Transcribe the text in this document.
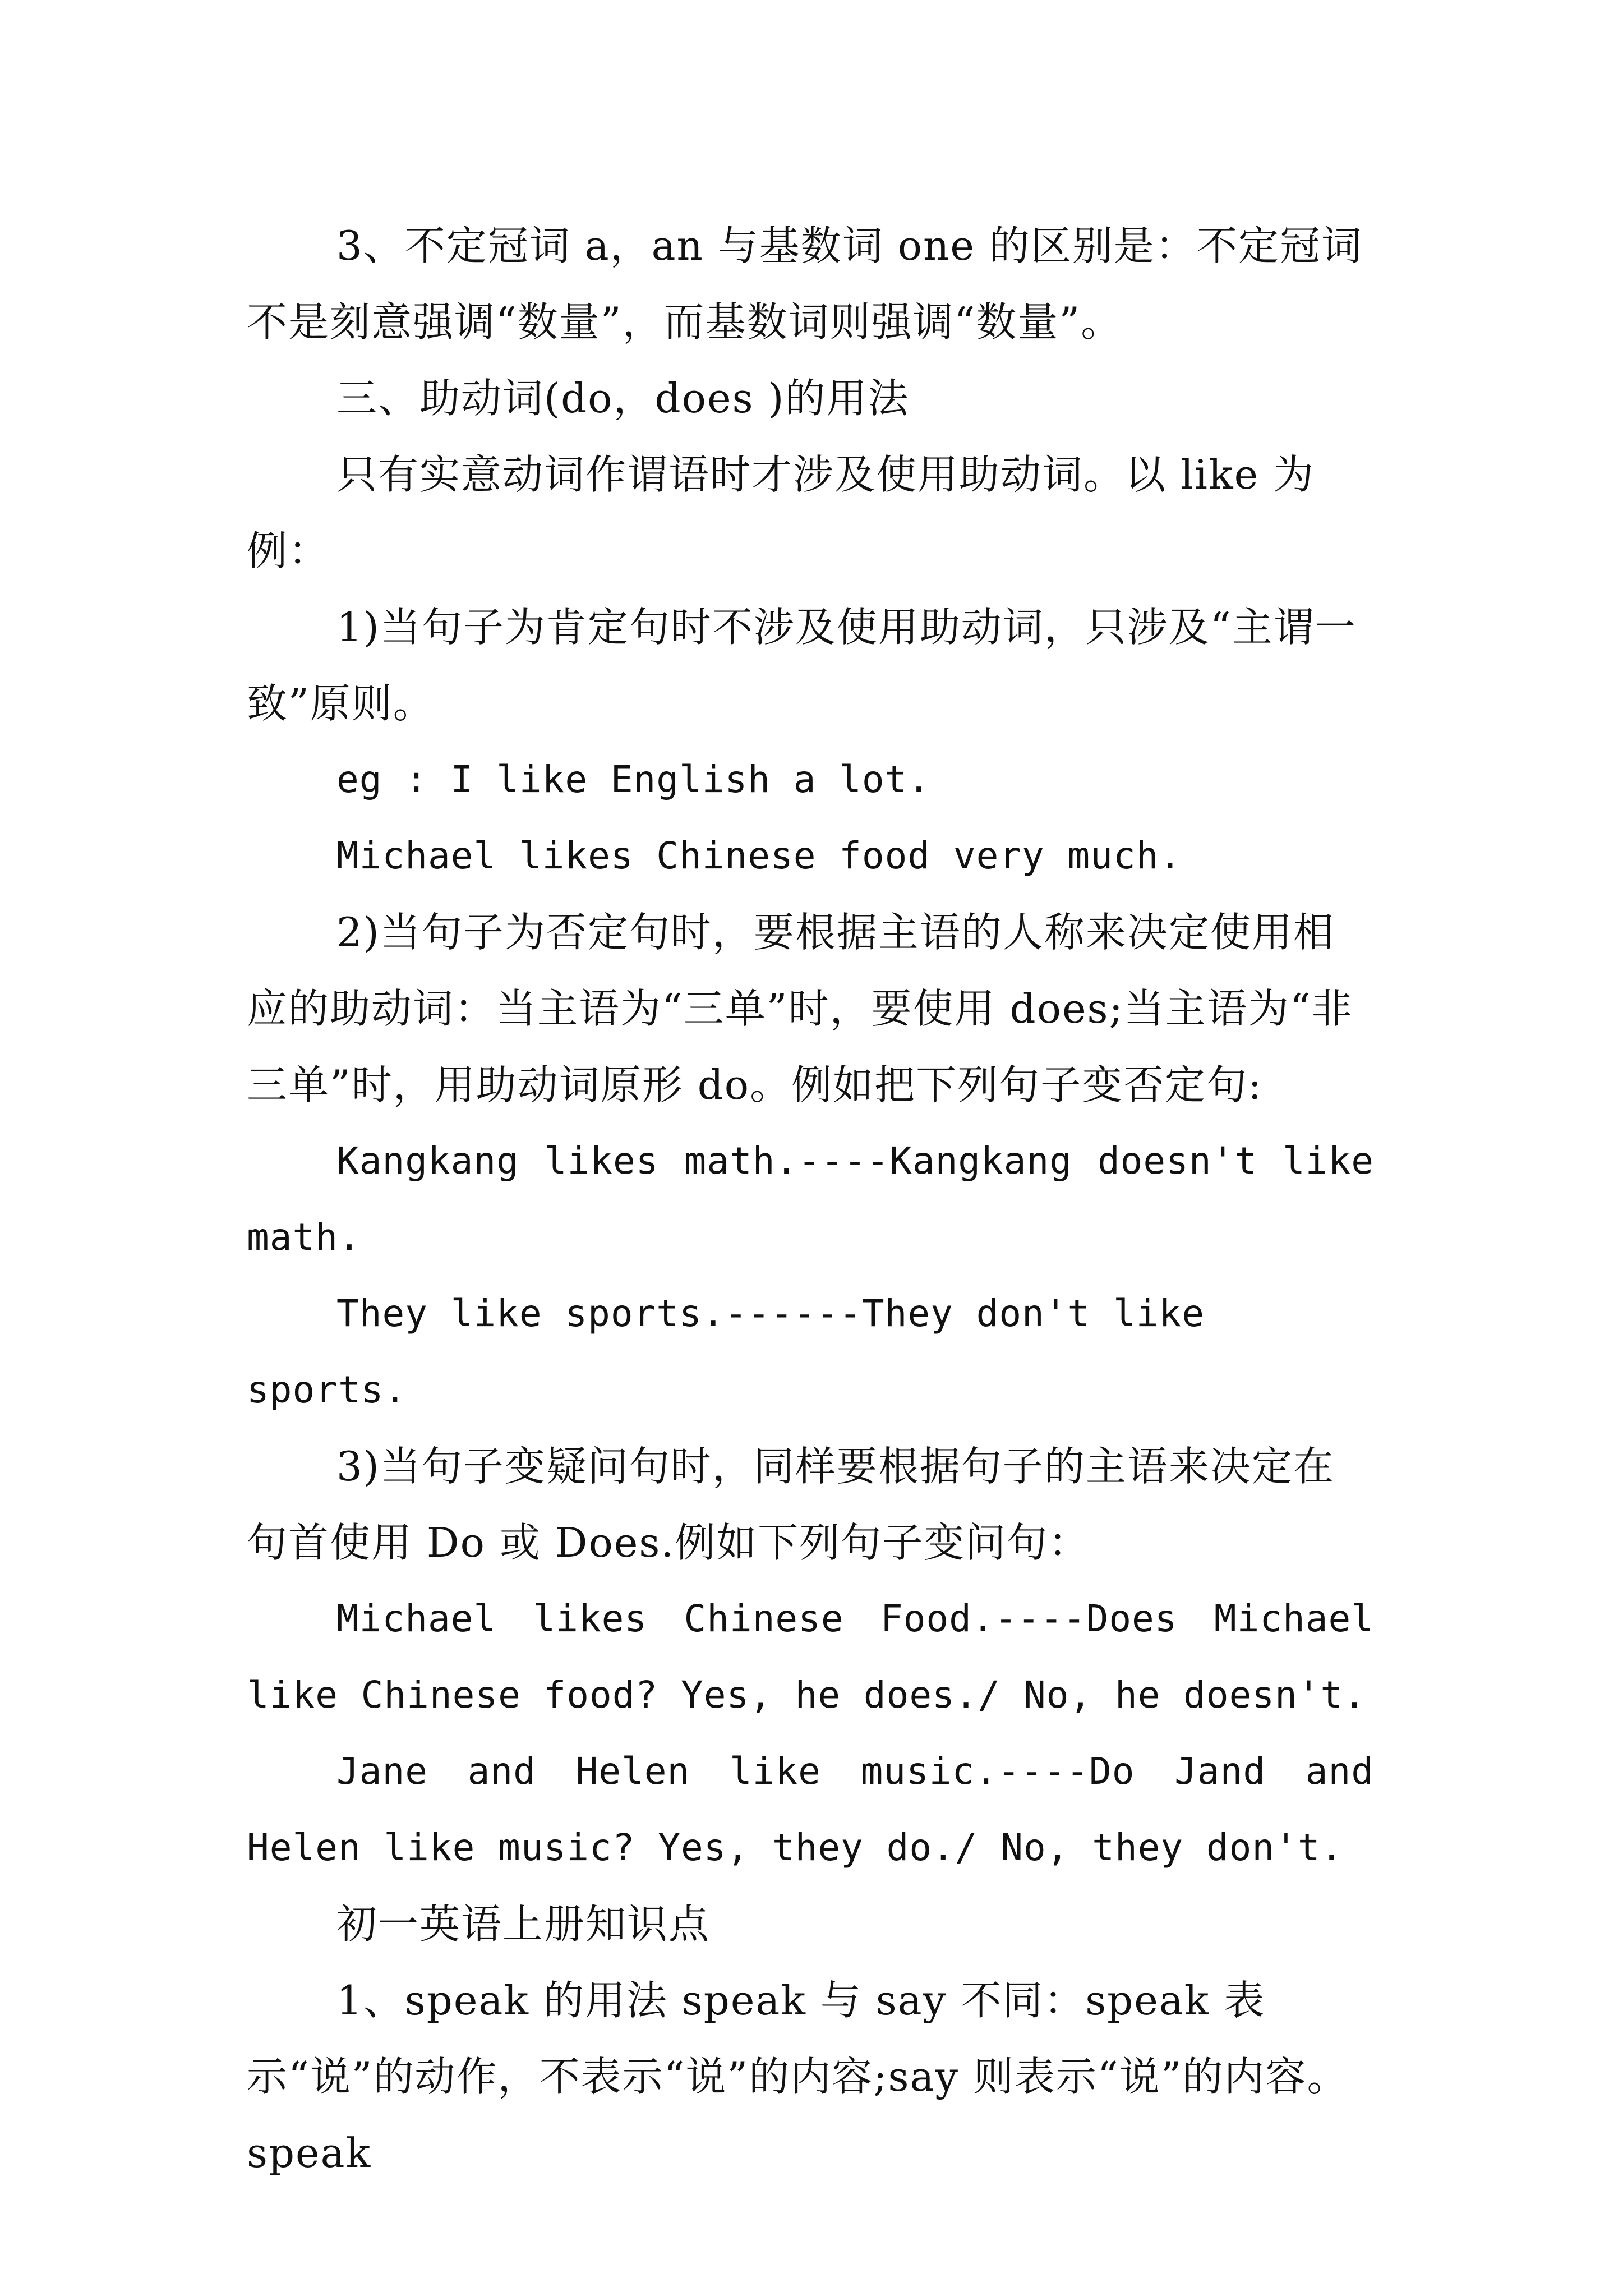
3、不定冠词 a，an 与基数词 one 的区别是：不定冠词不是刻意强调“数量”，而基数词则强调“数量”。

三、助动词(do，does )的用法

只有实意动词作谓语时才涉及使用助动词。以 like 为例：

1)当句子为肯定句时不涉及使用助动词，只涉及“主谓一致”原则。

eg : I like English a lot.

Michael likes Chinese food very much.

2)当句子为否定句时，要根据主语的人称来决定使用相应的助动词：当主语为“三单”时，要使用 does;当主语为“非三单”时，用助动词原形 do。例如把下列句子变否定句:

Kangkang likes math.----Kangkang doesn't like math.

They like sports.------They don't like sports.

3)当句子变疑问句时，同样要根据句子的主语来决定在句首使用 Do 或 Does.例如下列句子变问句：

Michael likes Chinese Food.----Does Michael like Chinese food? Yes, he does./ No, he doesn't.

Jane and Helen like music.----Do Jand and Helen like music? Yes, they do./ No, they don't.

初一英语上册知识点

1、speak 的用法 speak 与 say 不同：speak 表示“说”的动作，不表示“说”的内容;say 则表示“说”的内容。speak
